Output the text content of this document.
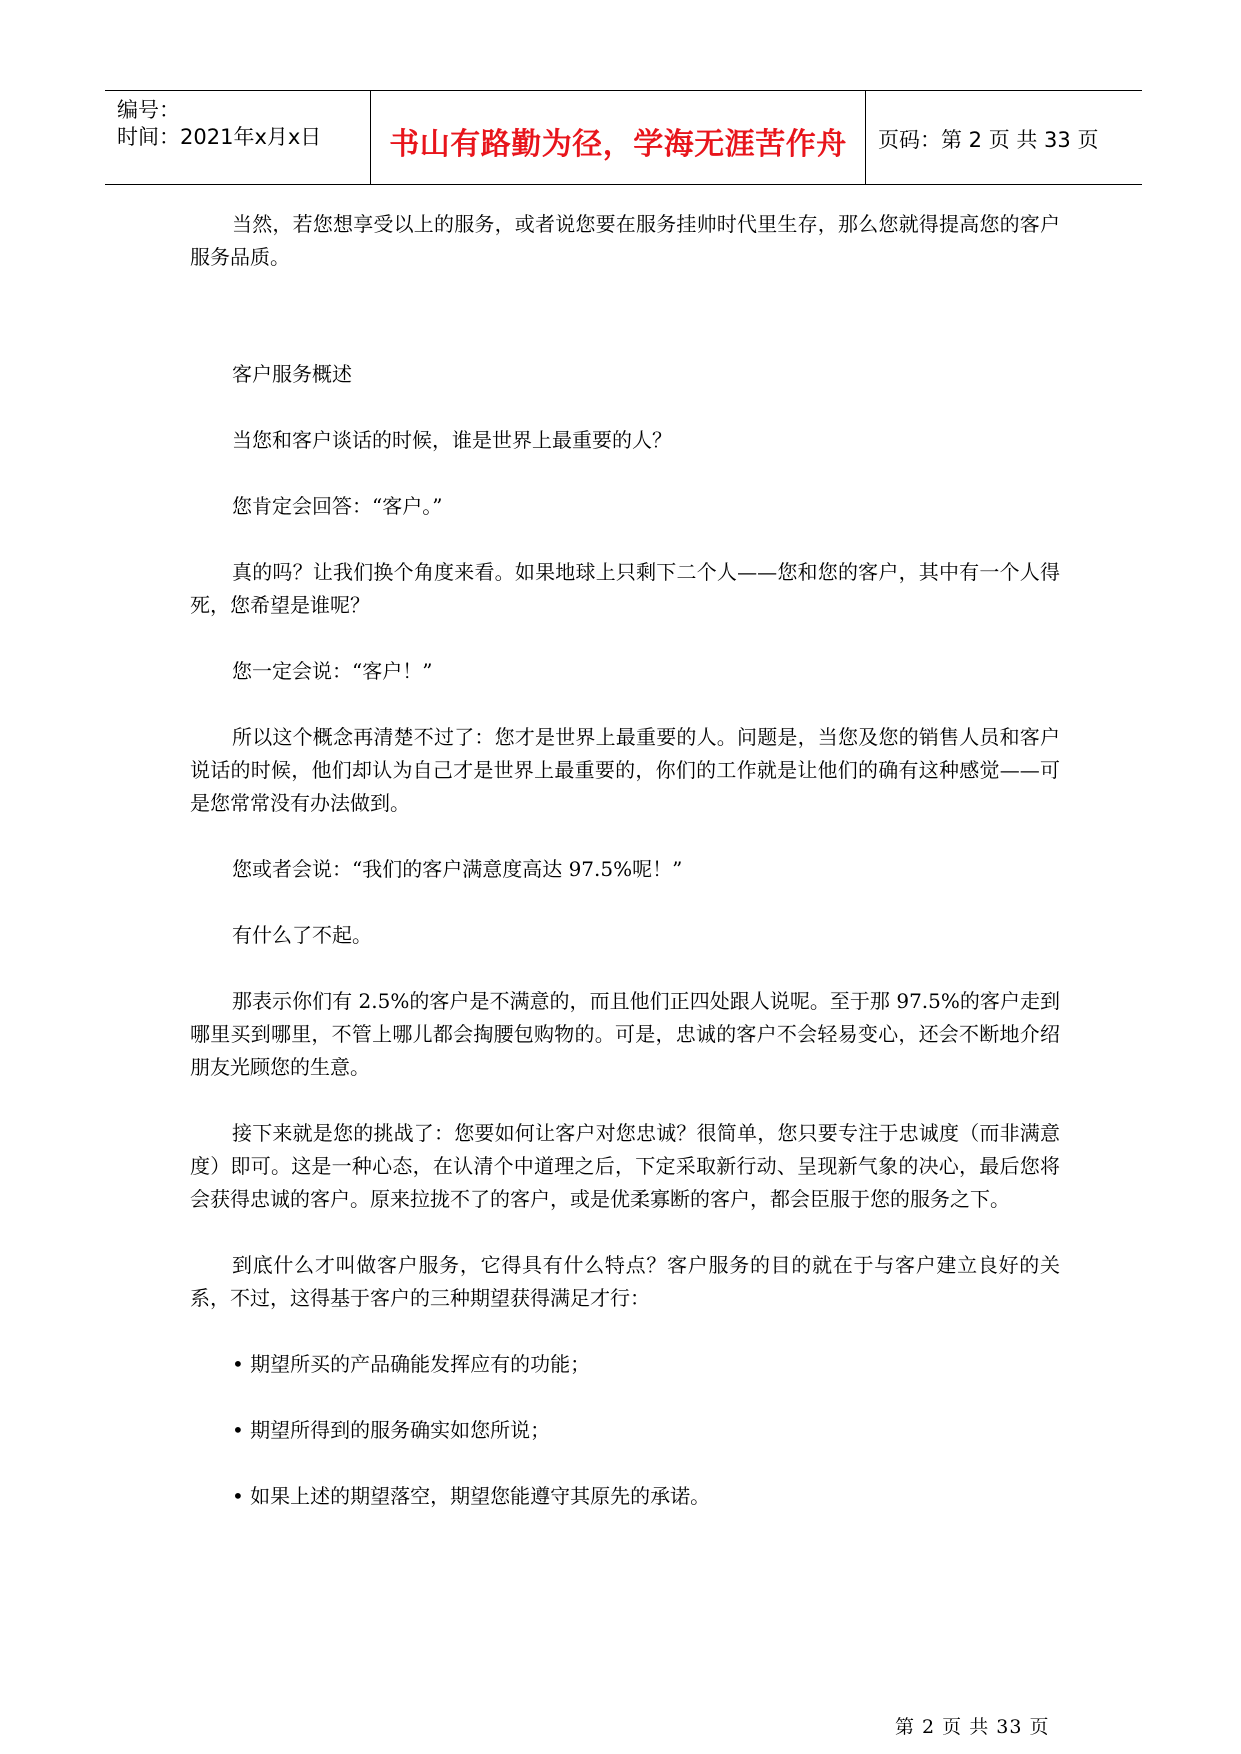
编号：
时间：2021年x月x日	书山有路勤为径，学海无涯苦作舟	页码：第 2 页 共 33 页

当然，若您想享受以上的服务，或者说您要在服务挂帅时代里生存，那么您就得提高您的客户服务品质。

客户服务概述

当您和客户谈话的时候，谁是世界上最重要的人？

您肯定会回答：“客户。”

真的吗？让我们换个角度来看。如果地球上只剩下二个人——您和您的客户，其中有一个人得死，您希望是谁呢？

您一定会说：“客户！”

所以这个概念再清楚不过了：您才是世界上最重要的人。问题是，当您及您的销售人员和客户说话的时候，他们却认为自己才是世界上最重要的，你们的工作就是让他们的确有这种感觉——可是您常常没有办法做到。

您或者会说：“我们的客户满意度高达 97.5%呢！”

有什么了不起。

那表示你们有 2.5%的客户是不满意的，而且他们正四处跟人说呢。至于那 97.5%的客户走到哪里买到哪里，不管上哪儿都会掏腰包购物的。可是，忠诚的客户不会轻易变心，还会不断地介绍朋友光顾您的生意。

接下来就是您的挑战了：您要如何让客户对您忠诚？很简单，您只要专注于忠诚度（而非满意度）即可。这是一种心态，在认清个中道理之后，下定采取新行动、呈现新气象的决心，最后您将会获得忠诚的客户。原来拉拢不了的客户，或是优柔寡断的客户，都会臣服于您的服务之下。

到底什么才叫做客户服务，它得具有什么特点？客户服务的目的就在于与客户建立良好的关系，不过，这得基于客户的三种期望获得满足才行：

• 期望所买的产品确能发挥应有的功能；

• 期望所得到的服务确实如您所说；

• 如果上述的期望落空，期望您能遵守其原先的承诺。

第 2 页 共 33 页
